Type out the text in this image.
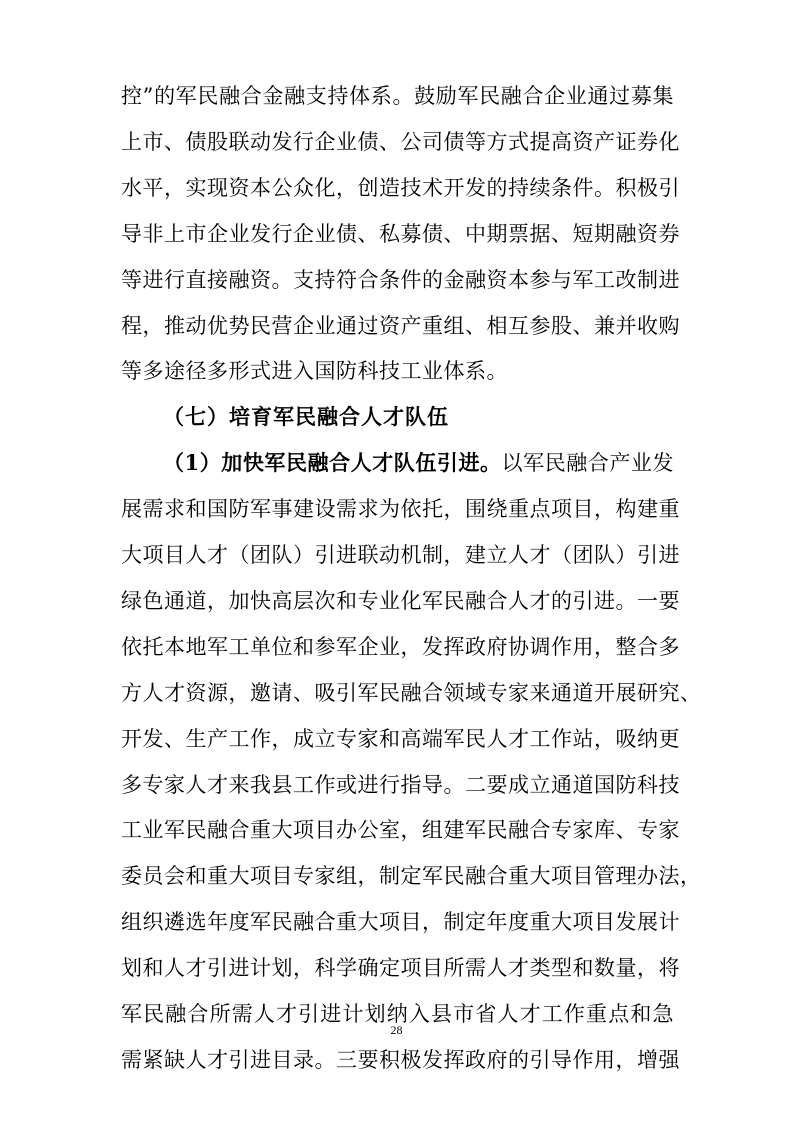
控”的军民融合金融支持体系。鼓励军民融合企业通过募集
上市、债股联动发行企业债、公司债等方式提高资产证券化
水平，实现资本公众化，创造技术开发的持续条件。积极引
导非上市企业发行企业债、私募债、中期票据、短期融资券
等进行直接融资。支持符合条件的金融资本参与军工改制进
程，推动优势民营企业通过资产重组、相互参股、兼并收购
等多途径多形式进入国防科技工业体系。
（七）培育军民融合人才队伍
（1）加快军民融合人才队伍引进。以军民融合产业发
展需求和国防军事建设需求为依托，围绕重点项目，构建重
大项目人才（团队）引进联动机制，建立人才（团队）引进
绿色通道，加快高层次和专业化军民融合人才的引进。一要
依托本地军工单位和参军企业，发挥政府协调作用，整合多
方人才资源，邀请、吸引军民融合领域专家来通道开展研究、
开发、生产工作，成立专家和高端军民人才工作站，吸纳更
多专家人才来我县工作或进行指导。二要成立通道国防科技
工业军民融合重大项目办公室，组建军民融合专家库、专家
委员会和重大项目专家组，制定军民融合重大项目管理办法，
组织遴选年度军民融合重大项目，制定年度重大项目发展计
划和人才引进计划，科学确定项目所需人才类型和数量，将
军民融合所需人才引进计划纳入县市省人才工作重点和急
需紧缺人才引进目录。三要积极发挥政府的引导作用，增强
28
